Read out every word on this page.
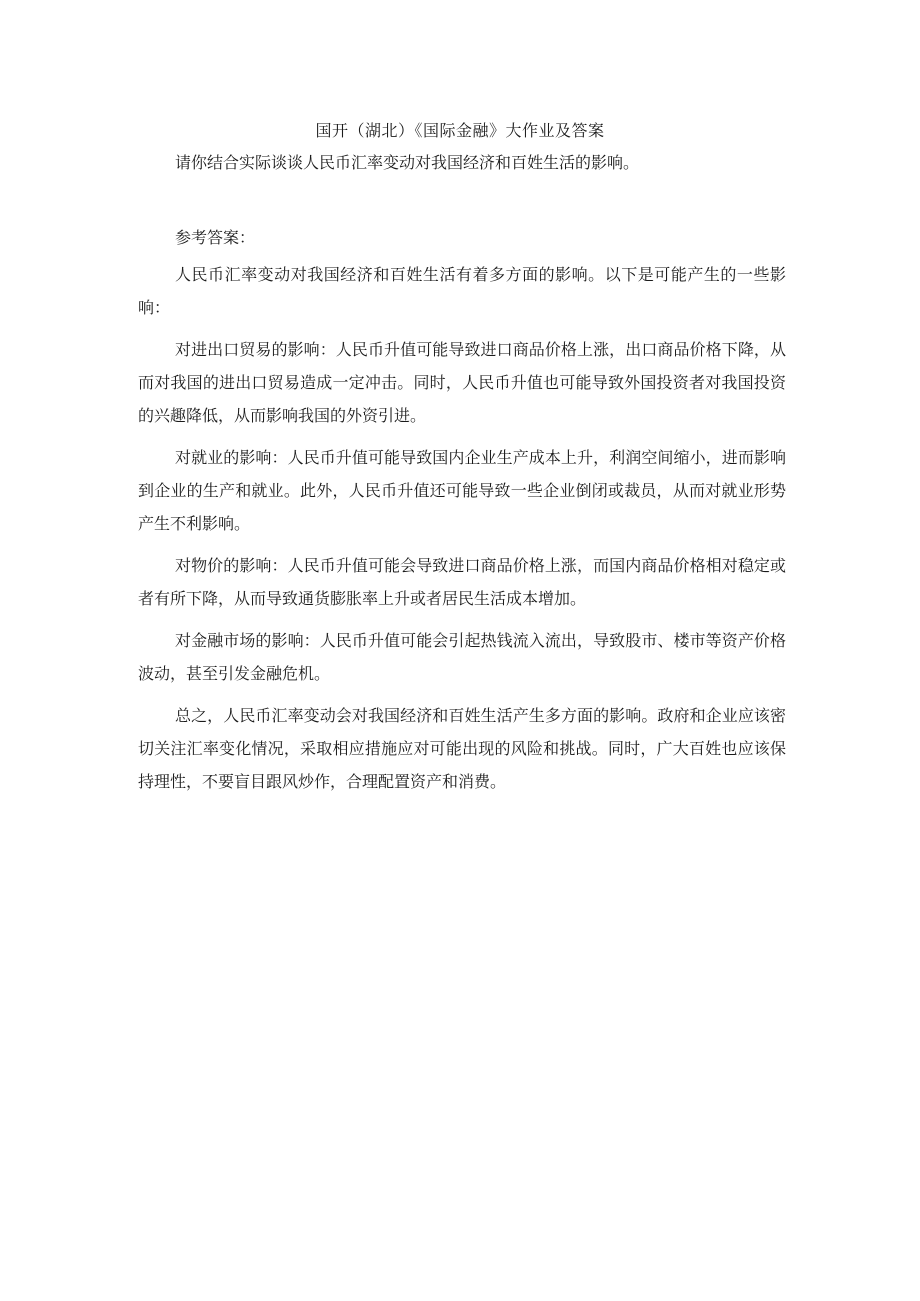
国开（湖北）《国际金融》大作业及答案
请你结合实际谈谈人民币汇率变动对我国经济和百姓生活的影响。
参考答案：

人民币汇率变动对我国经济和百姓生活有着多方面的影响。以下是可能产生的一些影响：

对进出口贸易的影响：人民币升值可能导致进口商品价格上涨，出口商品价格下降，从而对我国的进出口贸易造成一定冲击。同时，人民币升值也可能导致外国投资者对我国投资的兴趣降低，从而影响我国的外资引进。

对就业的影响：人民币升值可能导致国内企业生产成本上升，利润空间缩小，进而影响到企业的生产和就业。此外，人民币升值还可能导致一些企业倒闭或裁员，从而对就业形势产生不利影响。

对物价的影响：人民币升值可能会导致进口商品价格上涨，而国内商品价格相对稳定或者有所下降，从而导致通货膨胀率上升或者居民生活成本增加。

对金融市场的影响：人民币升值可能会引起热钱流入流出，导致股市、楼市等资产价格波动，甚至引发金融危机。

总之，人民币汇率变动会对我国经济和百姓生活产生多方面的影响。政府和企业应该密切关注汇率变化情况，采取相应措施应对可能出现的风险和挑战。同时，广大百姓也应该保持理性，不要盲目跟风炒作，合理配置资产和消费。
